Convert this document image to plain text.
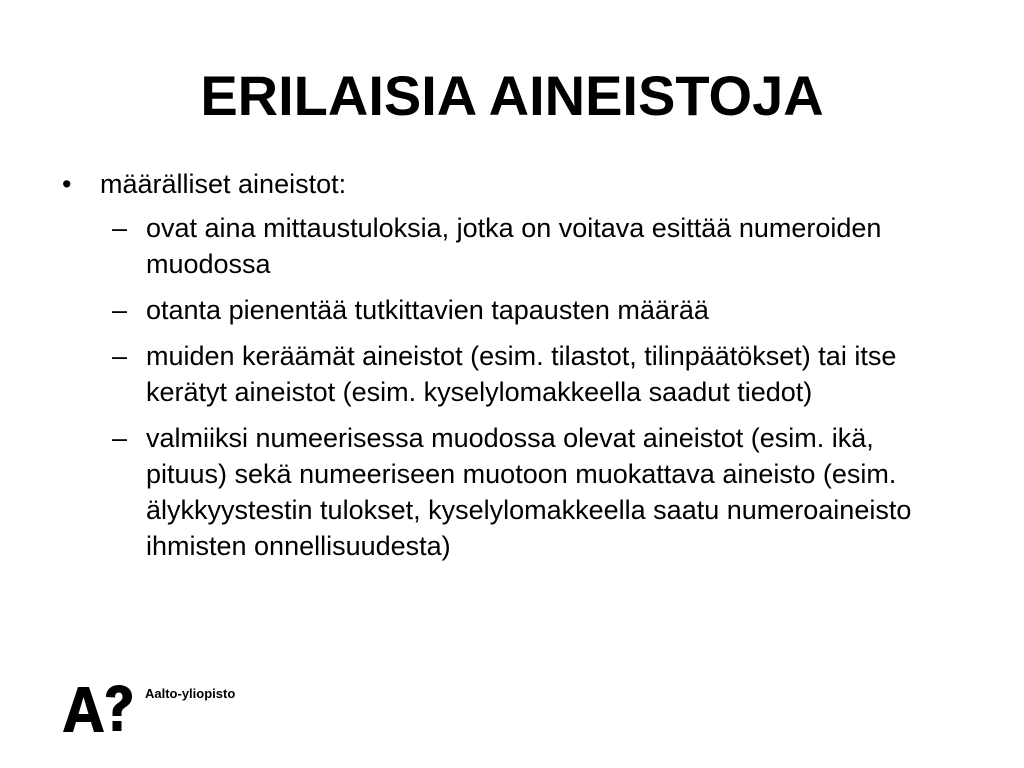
ERILAISIA AINEISTOJA
•	määrälliset aineistot:
– ovat aina mittaustuloksia, jotka on voitava esittää numeroiden muodossa
– otanta pienentää tutkittavien tapausten määrää
– muiden keräämät aineistot (esim. tilastot, tilinpäätökset) tai itse kerätyt aineistot (esim. kyselylomakkeella saadut tiedot)
– valmiiksi numeerisessa muodossa olevat aineistot (esim. ikä, pituus) sekä numeeriseen muotoon muokattava aineisto (esim. älykkyystestin tulokset, kyselylomakkeella saatu numeroaineisto ihmisten onnellisuudesta)
Aalto-yliopisto
